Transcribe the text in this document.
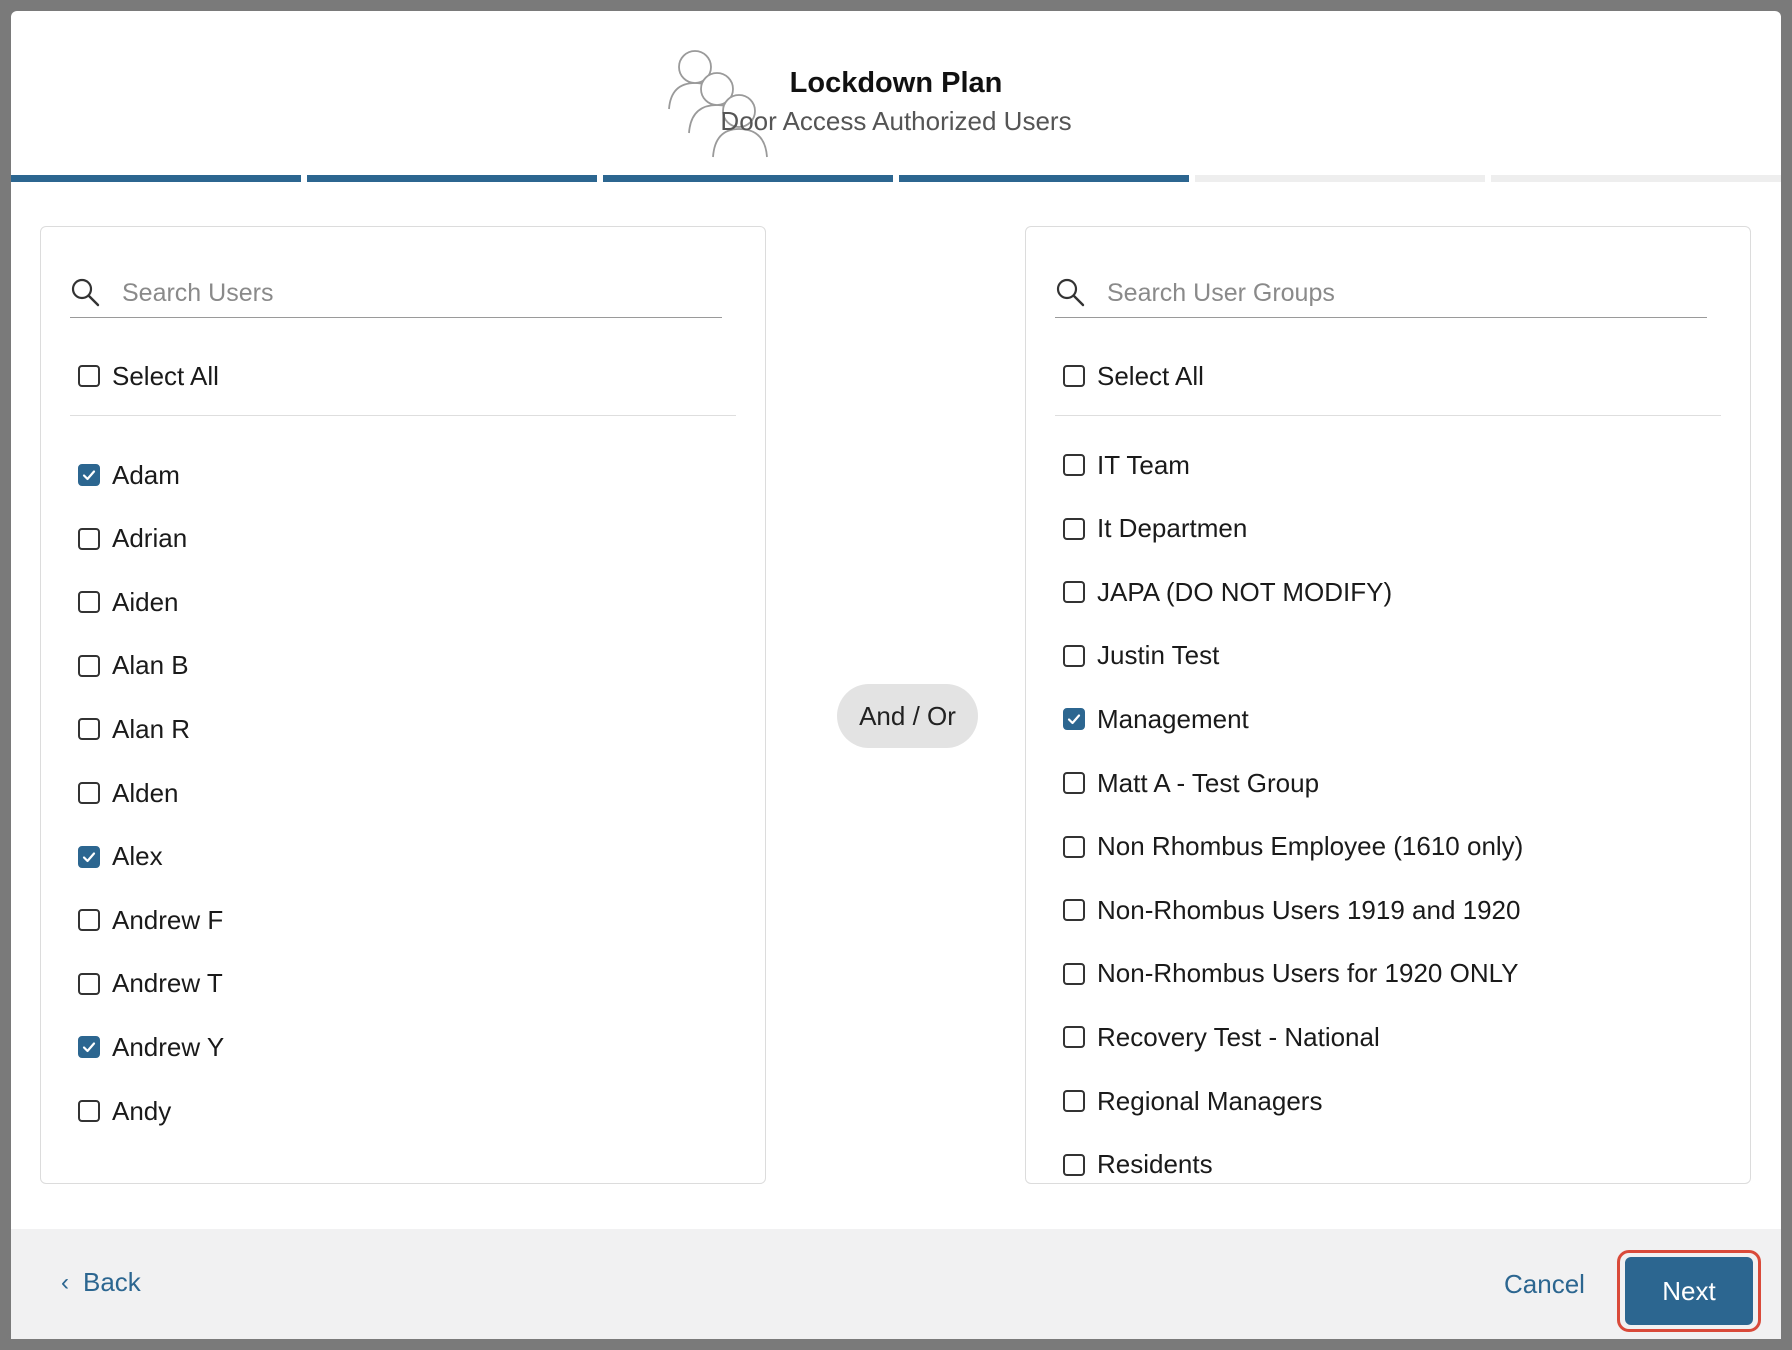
Lockdown Plan
Door Access Authorized Users
Search Users
Select All
Adam
Adrian
Aiden
Alan B
Alan R
Alden
Alex
Andrew F
Andrew T
Andrew Y
Andy
And / Or
Search User Groups
Select All
IT Team
It Departmen
JAPA (DO NOT MODIFY)
Justin Test
Management
Matt A - Test Group
Non Rhombus Employee (1610 only)
Non-Rhombus Users 1919 and 1920
Non-Rhombus Users for 1920 ONLY
Recovery Test - National
Regional Managers
Residents
‹ Back	Cancel	Next
